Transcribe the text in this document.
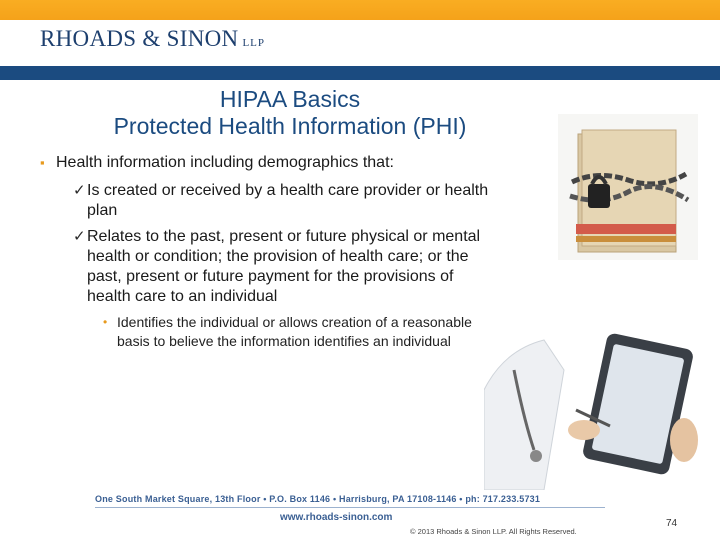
RHOADS & SINON LLP
HIPAA Basics
Protected Health Information (PHI)
▪ Health information including demographics that:
✓ Is created or received by a health care provider or health plan
✓ Relates to the past, present or future physical or mental health or condition; the provision of health care; or the past, present or future payment for the provisions of health care to an individual
• Identifies the individual or allows creation of a reasonable basis to believe the information identifies an individual
One South Market Square, 13th Floor • P.O. Box 1146 • Harrisburg, PA 17108-1146 • ph: 717.233.5731
www.rhoads-sinon.com
© 2013 Rhoads & Sinon LLP. All Rights Reserved.
74
